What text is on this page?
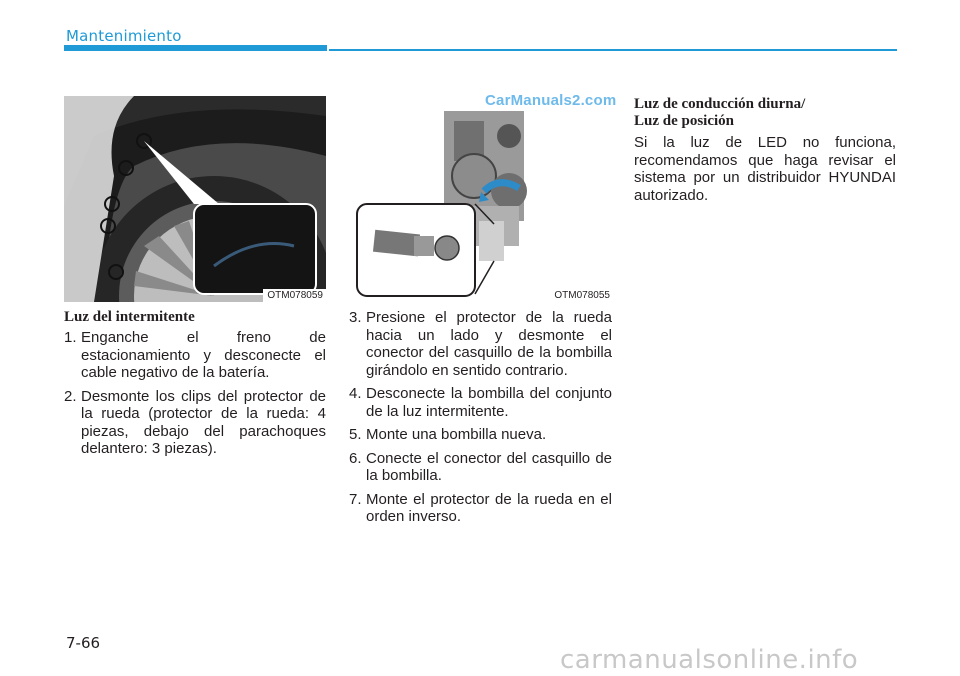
Mantenimiento
OTM078059	OTM078055
CarManuals2.com
Luz del intermitente
1. Enganche el freno de estacionamiento y desconecte el cable negativo de la batería.
2. Desmonte los clips del protector de la rueda (protector de la rueda: 4 piezas, debajo del parachoques delantero: 3 piezas).
3. Presione el protector de la rueda hacia un lado y desmonte el conector del casquillo de la bombilla girándolo en sentido contrario.
4. Desconecte la bombilla del conjunto de la luz intermitente.
5. Monte una bombilla nueva.
6. Conecte el conector del casquillo de la bombilla.
7. Monte el protector de la rueda en el orden inverso.
Luz de conducción diurna/
Luz de posición
Si la luz de LED no funciona, recomendamos que haga revisar el sistema por un distribuidor HYUNDAI autorizado.
7-66
carmanualsonline.info
